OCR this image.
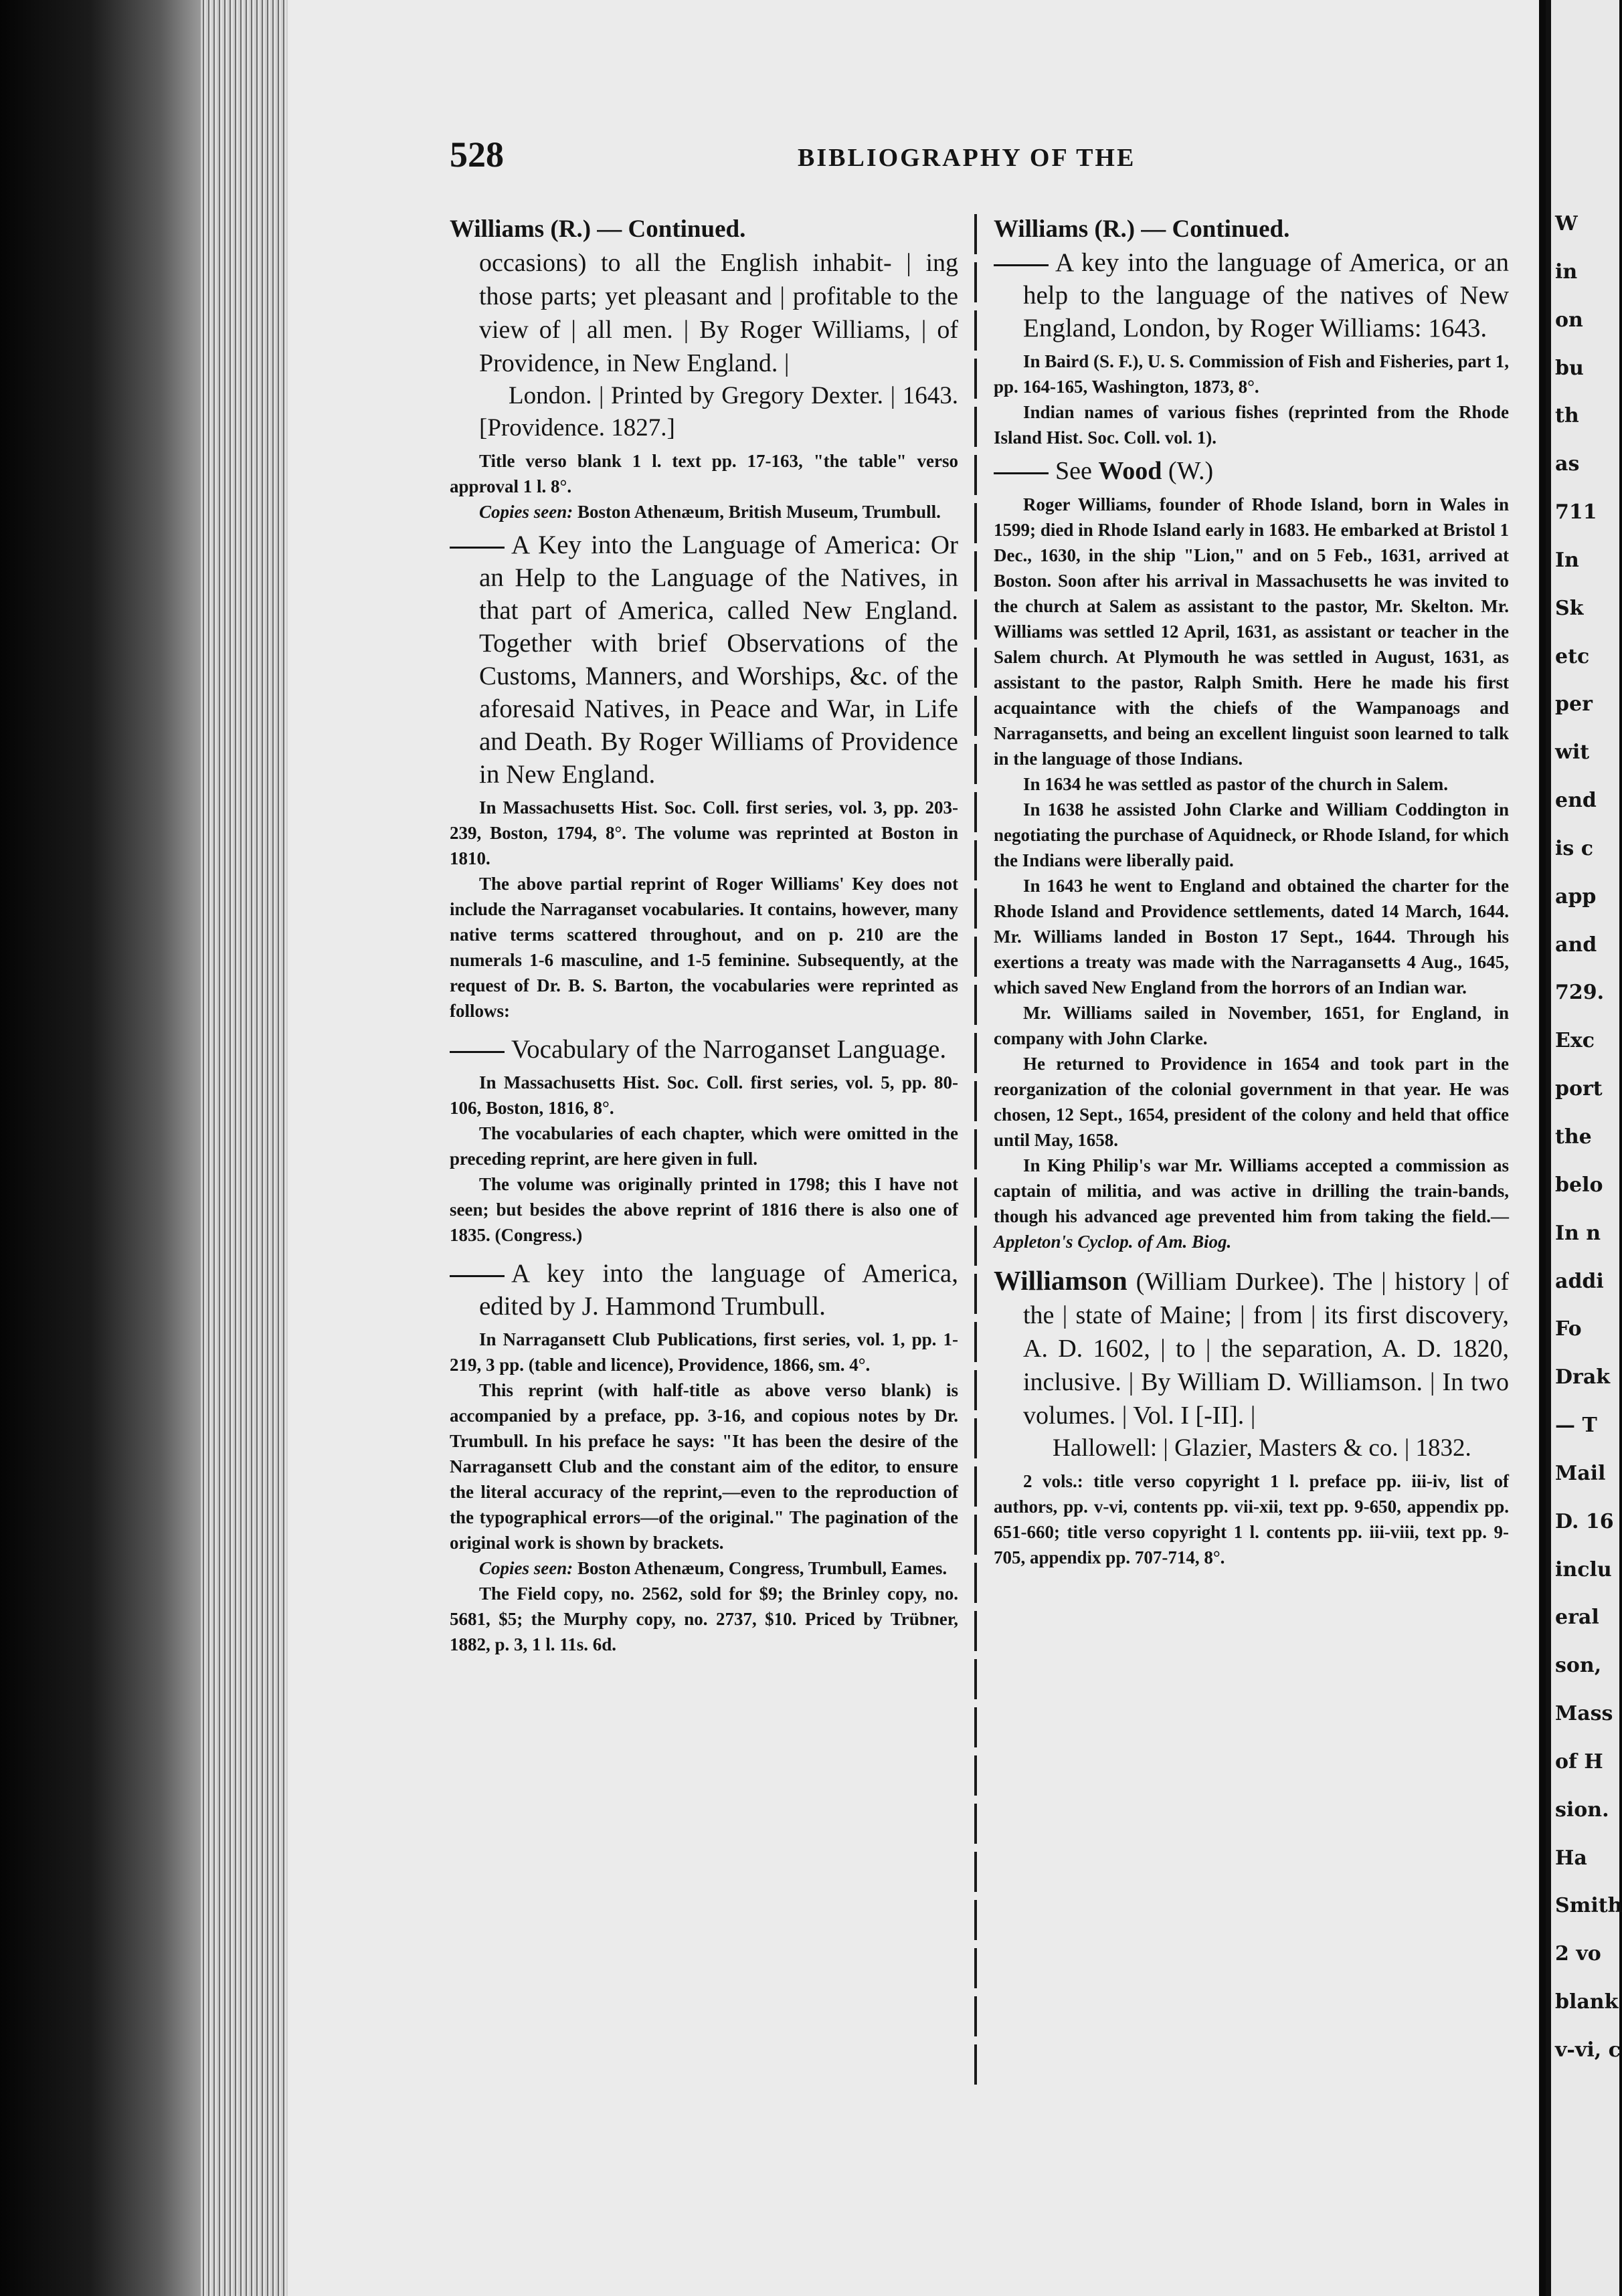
528	BIBLIOGRAPHY OF THE

Williams (R.) — Continued.

occasions) to all the English inhabit- | ing those parts; yet pleasant and | profitable to the view of | all men. | By Roger Williams, | of Providence, in New England. |

London. | Printed by Gregory Dexter. | 1643. [Providence. 1827.]

Title verso blank 1 l. text pp. 17-163, "the table" verso approval 1 l. 8°.

Copies seen: Boston Athenæum, British Museum, Trumbull.

A Key into the Language of America: Or an Help to the Language of the Natives, in that part of America, called New England. Together with brief Observations of the Customs, Manners, and Worships, &c. of the aforesaid Natives, in Peace and War, in Life and Death. By Roger Williams of Providence in New England.

In Massachusetts Hist. Soc. Coll. first series, vol. 3, pp. 203-239, Boston, 1794, 8°. The volume was reprinted at Boston in 1810.

The above partial reprint of Roger Williams' Key does not include the Narraganset vocabularies. It contains, however, many native terms scattered throughout, and on p. 210 are the numerals 1-6 masculine, and 1-5 feminine. Subsequently, at the request of Dr. B. S. Barton, the vocabularies were reprinted as follows:

Vocabulary of the Narroganset Language.

In Massachusetts Hist. Soc. Coll. first series, vol. 5, pp. 80-106, Boston, 1816, 8°.

The vocabularies of each chapter, which were omitted in the preceding reprint, are here given in full.

The volume was originally printed in 1798; this I have not seen; but besides the above reprint of 1816 there is also one of 1835. (Congress.)

A key into the language of America, edited by J. Hammond Trumbull.

In Narragansett Club Publications, first series, vol. 1, pp. 1-219, 3 pp. (table and licence), Providence, 1866, sm. 4°.

This reprint (with half-title as above verso blank) is accompanied by a preface, pp. 3-16, and copious notes by Dr. Trumbull. In his preface he says: "It has been the desire of the Narragansett Club and the constant aim of the editor, to ensure the literal accuracy of the reprint,—even to the reproduction of the typographical errors—of the original." The pagination of the original work is shown by brackets.

Copies seen: Boston Athenæum, Congress, Trumbull, Eames.

The Field copy, no. 2562, sold for $9; the Brinley copy, no. 5681, $5; the Murphy copy, no. 2737, $10. Priced by Trübner, 1882, p. 3, 1 l. 11s. 6d.

Williams (R.) — Continued.

A key into the language of America, or an help to the language of the natives of New England, London, by Roger Williams: 1643.

In Baird (S. F.), U. S. Commission of Fish and Fisheries, part 1, pp. 164-165, Washington, 1873, 8°.

Indian names of various fishes (reprinted from the Rhode Island Hist. Soc. Coll. vol. 1).

See Wood (W.)

Roger Williams, founder of Rhode Island, born in Wales in 1599; died in Rhode Island early in 1683. He embarked at Bristol 1 Dec., 1630, in the ship "Lion," and on 5 Feb., 1631, arrived at Boston. Soon after his arrival in Massachusetts he was invited to the church at Salem as assistant to the pastor, Mr. Skelton. Mr. Williams was settled 12 April, 1631, as assistant or teacher in the Salem church. At Plymouth he was settled in August, 1631, as assistant to the pastor, Ralph Smith. Here he made his first acquaintance with the chiefs of the Wampanoags and Narragansetts, and being an excellent linguist soon learned to talk in the language of those Indians.

In 1634 he was settled as pastor of the church in Salem.

In 1638 he assisted John Clarke and William Coddington in negotiating the purchase of Aquidneck, or Rhode Island, for which the Indians were liberally paid.

In 1643 he went to England and obtained the charter for the Rhode Island and Providence settlements, dated 14 March, 1644. Mr. Williams landed in Boston 17 Sept., 1644. Through his exertions a treaty was made with the Narragansetts 4 Aug., 1645, which saved New England from the horrors of an Indian war.

Mr. Williams sailed in November, 1651, for England, in company with John Clarke.

He returned to Providence in 1654 and took part in the reorganization of the colonial government in that year. He was chosen, 12 Sept., 1654, president of the colony and held that office until May, 1658.

In King Philip's war Mr. Williams accepted a commission as captain of militia, and was active in drilling the train-bands, though his advanced age prevented him from taking the field.—Appleton's Cyclop. of Am. Biog.

Williamson (William Durkee). The | history | of the | state of Maine; | from | its first discovery, A. D. 1602, | to | the separation, A. D. 1820, inclusive. | By William D. Williamson. | In two volumes. | Vol. I [-II]. |

Hallowell: | Glazier, Masters & co. | 1832.

2 vols.: title verso copyright 1 l. preface pp. iii-iv, list of authors, pp. v-vi, contents pp. vii-xii, text pp. 9-650, appendix pp. 651-660; title verso copyright 1 l. contents pp. iii-viii, text pp. 9-705, appendix pp. 707-714, 8°.

W
in
on
bu
th
as
711
In
Sk
etc
per
wit
end
is c
app
and
729.
Exc
port
the
belo
In n
addi
Fo
Drak
— T
Mail
D. 16
inclu
eral
son,
Mass
of H
sion.
Ha
Smith
2 vo
blank
v-vi, c
